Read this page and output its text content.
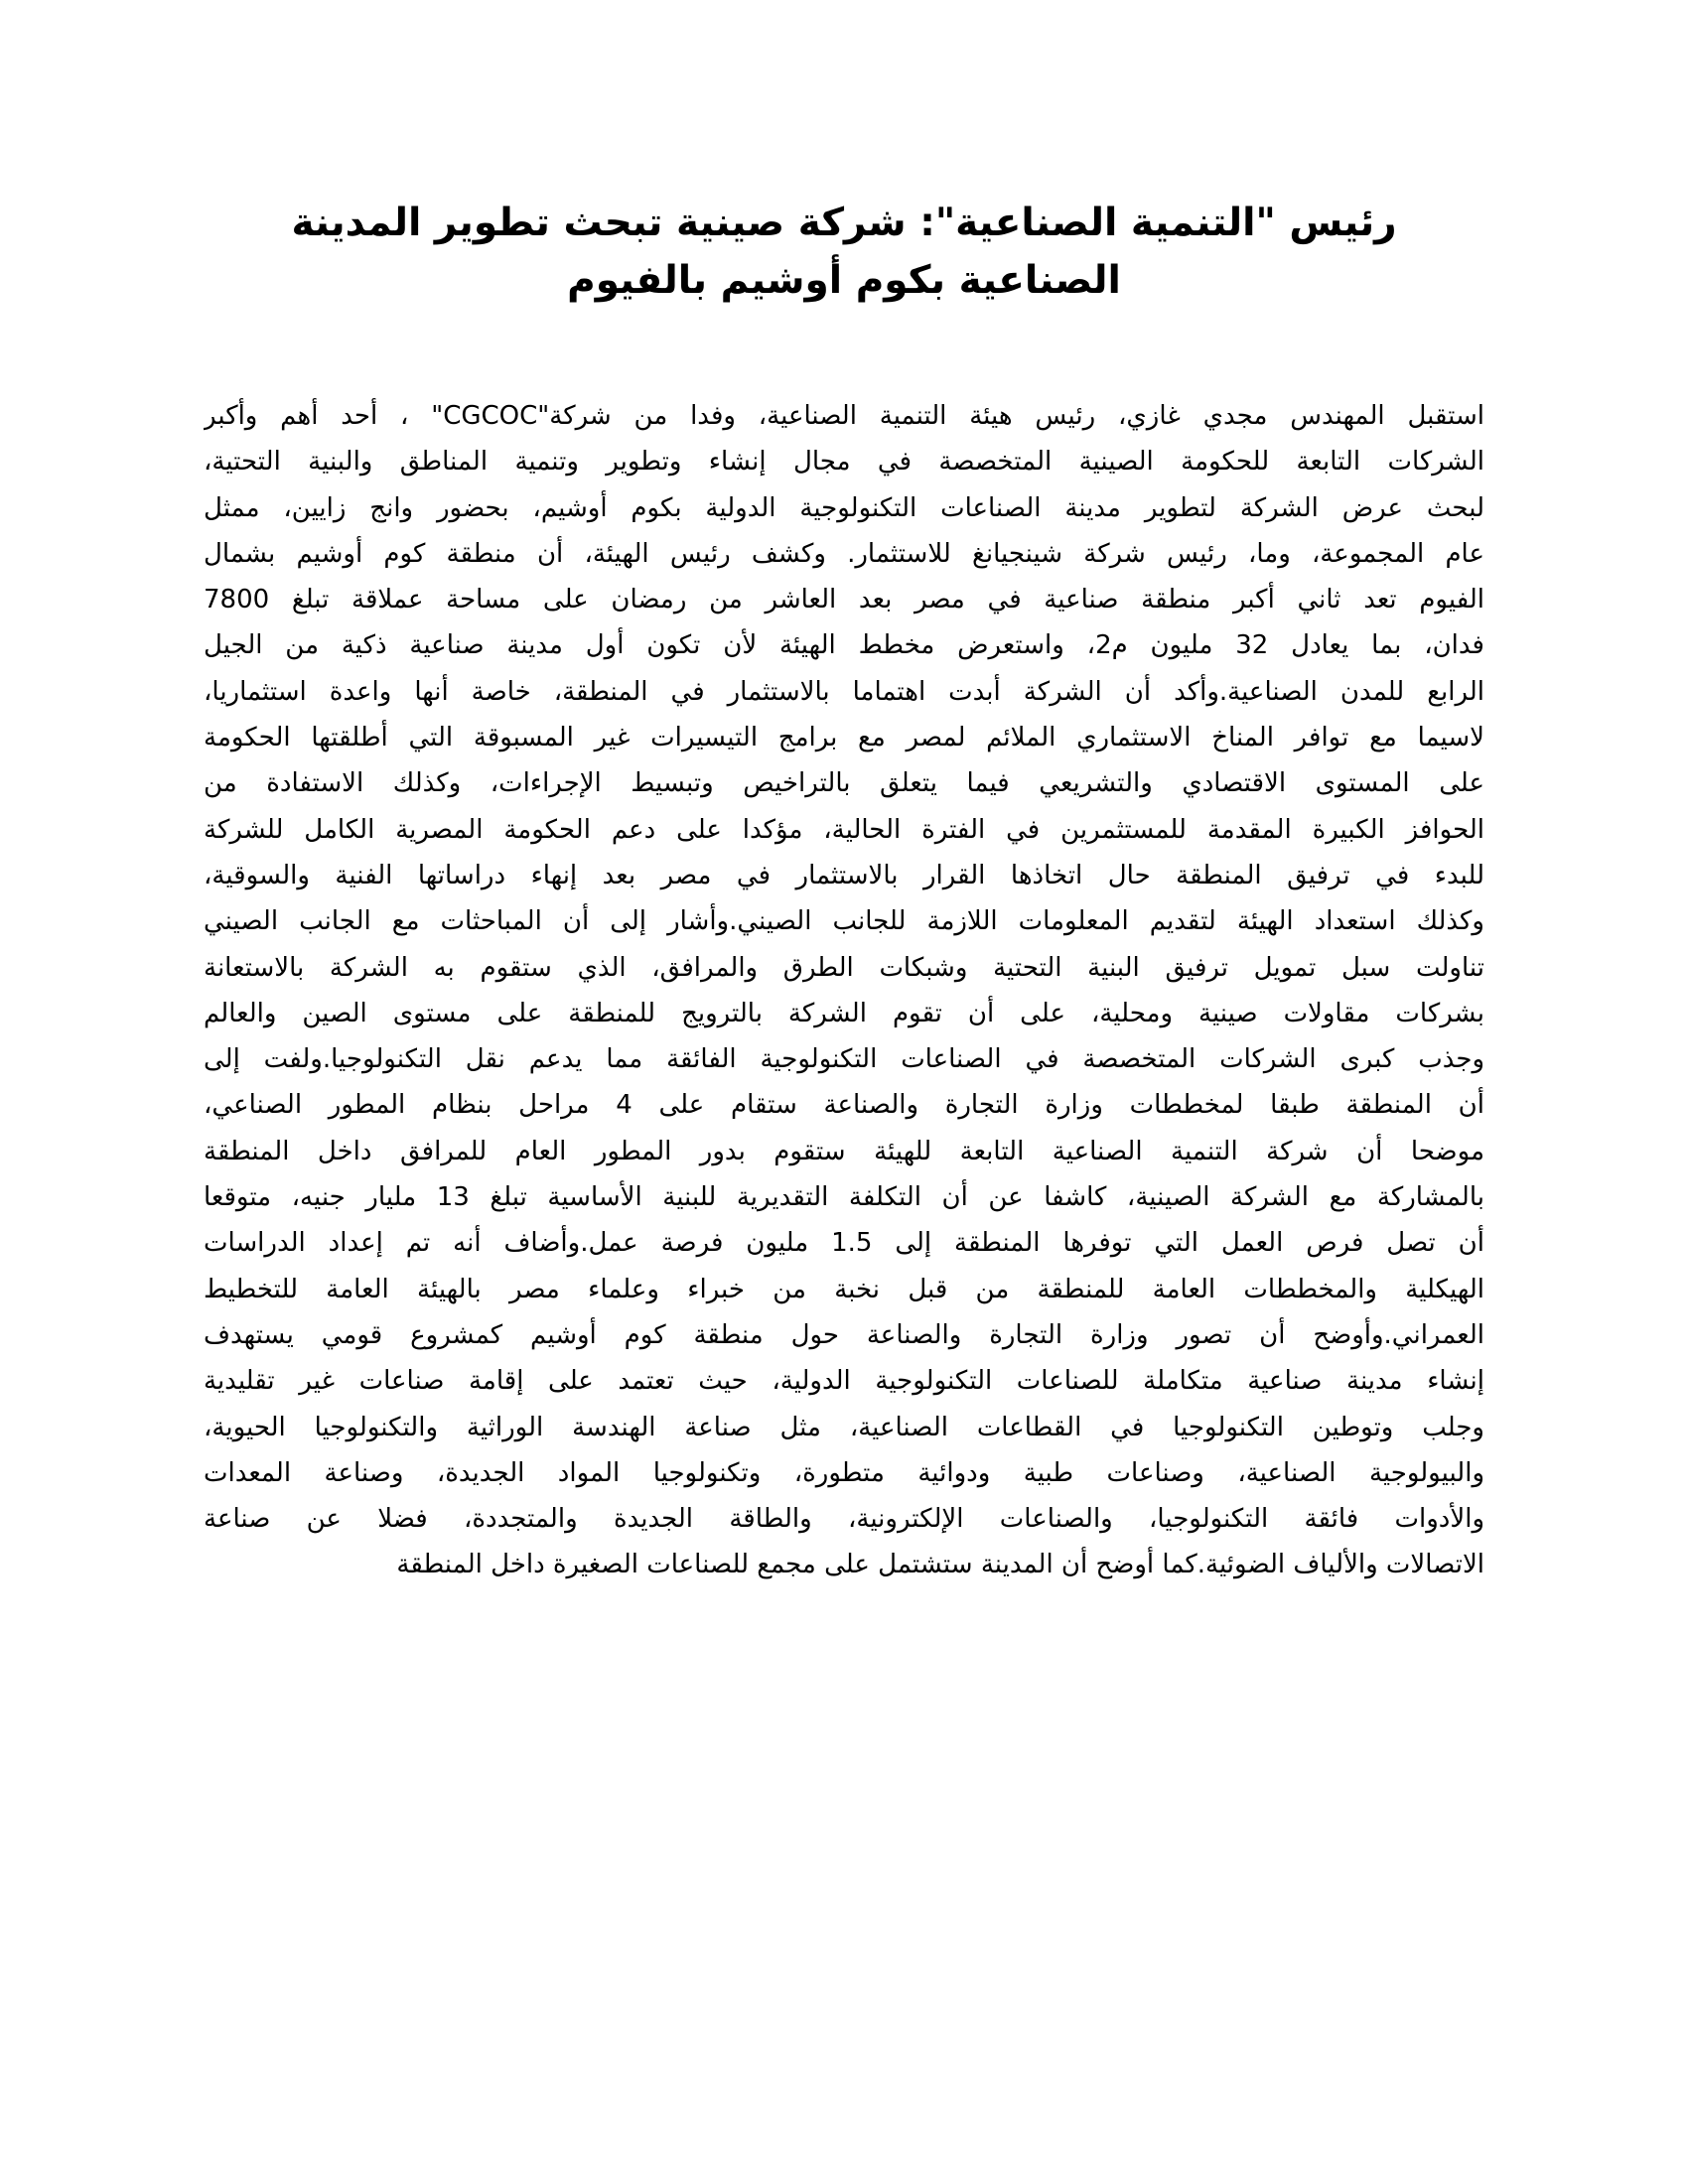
رئيس "التنمية الصناعية": شركة صينية تبحث تطوير المدينة الصناعية بكوم أوشيم بالفيوم
استقبل المهندس مجدي غازي، رئيس هيئة التنمية الصناعية، وفدا من شركة"CGCOC" ، أحد أهم وأكبر
الشركات التابعة للحكومة الصينية المتخصصة في مجال إنشاء وتطوير وتنمية المناطق والبنية التحتية،
لبحث عرض الشركة لتطوير مدينة الصناعات التكنولوجية الدولية بكوم أوشيم، بحضور وانج زايين، ممثل
عام المجموعة، وما، رئيس شركة شينجيانغ للاستثمار. وكشف رئيس الهيئة، أن منطقة كوم أوشيم بشمال
الفيوم تعد ثاني أكبر منطقة صناعية في مصر بعد العاشر من رمضان على مساحة عملاقة تبلغ 7800
فدان، بما يعادل 32 مليون م2، واستعرض مخطط الهيئة لأن تكون أول مدينة صناعية ذكية من الجيل
الرابع للمدن الصناعية.وأكد أن الشركة أبدت اهتماما بالاستثمار في المنطقة، خاصة أنها واعدة استثماريا،
لاسيما مع توافر المناخ الاستثماري الملائم لمصر مع برامج التيسيرات غير المسبوقة التي أطلقتها الحكومة
على المستوى الاقتصادي والتشريعي فيما يتعلق بالتراخيص وتبسيط الإجراءات، وكذلك الاستفادة من
الحوافز الكبيرة المقدمة للمستثمرين في الفترة الحالية، مؤكدا على دعم الحكومة المصرية الكامل للشركة
للبدء في ترفيق المنطقة حال اتخاذها القرار بالاستثمار في مصر بعد إنهاء دراساتها الفنية والسوقية،
وكذلك استعداد الهيئة لتقديم المعلومات اللازمة للجانب الصيني.وأشار إلى أن المباحثات مع الجانب الصيني
تناولت سبل تمويل ترفيق البنية التحتية وشبكات الطرق والمرافق، الذي ستقوم به الشركة بالاستعانة
بشركات مقاولات صينية ومحلية، على أن تقوم الشركة بالترويج للمنطقة على مستوى الصين والعالم
وجذب كبرى الشركات المتخصصة في الصناعات التكنولوجية الفائقة مما يدعم نقل التكنولوجيا.ولفت إلى
أن المنطقة طبقا لمخططات وزارة التجارة والصناعة ستقام على 4 مراحل بنظام المطور الصناعي،
موضحا أن شركة التنمية الصناعية التابعة للهيئة ستقوم بدور المطور العام للمرافق داخل المنطقة
بالمشاركة مع الشركة الصينية، كاشفا عن أن التكلفة التقديرية للبنية الأساسية تبلغ 13 مليار جنيه، متوقعا
أن تصل فرص العمل التي توفرها المنطقة إلى 1.5 مليون فرصة عمل.وأضاف أنه تم إعداد الدراسات
الهيكلية والمخططات العامة للمنطقة من قبل نخبة من خبراء وعلماء مصر بالهيئة العامة للتخطيط
العمراني.وأوضح أن تصور وزارة التجارة والصناعة حول منطقة كوم أوشيم كمشروع قومي يستهدف
إنشاء مدينة صناعية متكاملة للصناعات التكنولوجية الدولية، حيث تعتمد على إقامة صناعات غير تقليدية
وجلب وتوطين التكنولوجيا في القطاعات الصناعية، مثل صناعة الهندسة الوراثية والتكنولوجيا الحيوية،
والبيولوجية الصناعية، وصناعات طبية ودوائية متطورة، وتكنولوجيا المواد الجديدة، وصناعة المعدات
والأدوات فائقة التكنولوجيا، والصناعات الإلكترونية، والطاقة الجديدة والمتجددة، فضلا عن صناعة
الاتصالات والألياف الضوئية.كما أوضح أن المدينة ستشتمل على مجمع للصناعات الصغيرة داخل المنطقة
